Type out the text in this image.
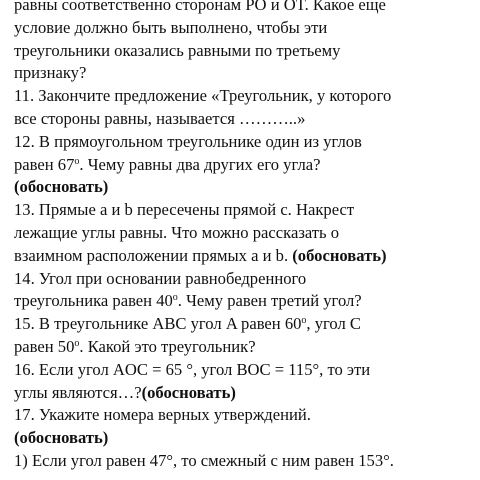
равны соответственно сторонам PO и OT. Какое еще
условие должно быть выполнено, чтобы эти
треугольники оказались равными по третьему
признаку?
11. Закончите предложение «Треугольник, у которого
все стороны равны, называется ………..»
12. В прямоугольном треугольнике один из углов
равен $67^о$. Чему равны два других его угла?
(обосновать)
13. Прямые a и b пересечены прямой c. Накрест
лежащие углы равны. Что можно рассказать о
взаимном расположении прямых a и b. (обосновать)
14. Угол при основании равнобедренного
треугольника равен $40^о$. Чему равен третий угол?
15. В треугольнике ABC угол A равен $60^о$, угол C
равен $50^о$. Какой это треугольник?
16. Если угол AOC = 65 °, угол BOC = 115°, то эти
углы являются…?(обосновать)
17. Укажите номера верных утверждений.
(обосновать)
1) Если угол равен 47°, то смежный с ним равен 153°.
